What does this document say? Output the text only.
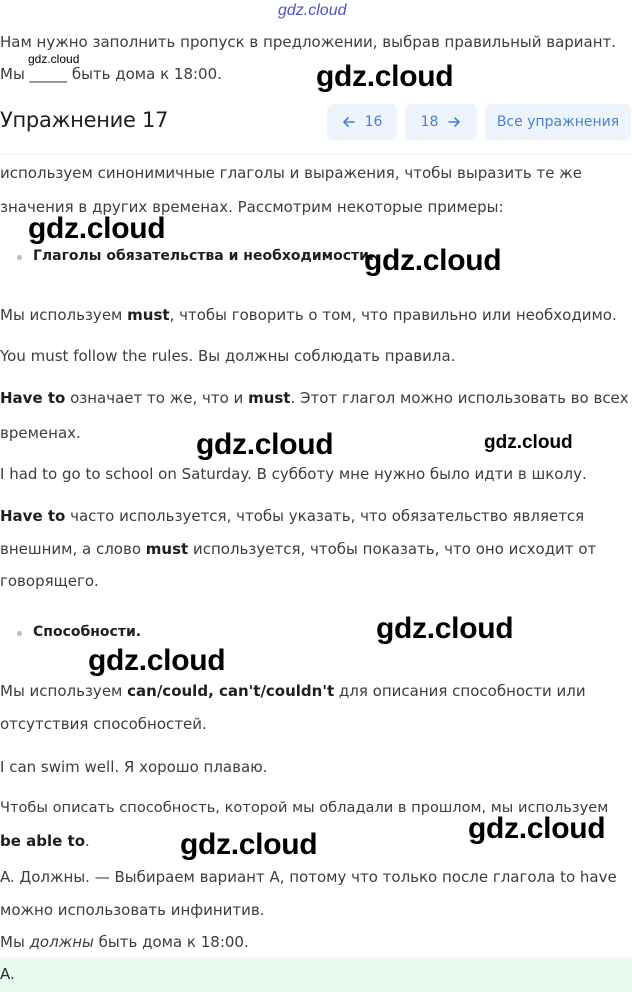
gdz.cloud

Нам нужно заполнить пропуск в предложении, выбрав правильный вариант.

gdz.cloud

Мы _____ быть дома к 18:00.	gdz.cloud
Упражнение 17	16	18	Все упражнения

используем синонимичные глаголы и выражения, чтобы выразить те же

значения в других временах. Рассмотрим некоторые примеры:

gdz.cloud

Глаголы обязательства и необходимости.

gdz.cloud

Мы используем must, чтобы говорить о том, что правильно или необходимо.

You must follow the rules. Вы должны соблюдать правила.

Have to означает то же, что и must. Этот глагол можно использовать во всех

временах.	gdz.cloud	gdz.cloud

I had to go to school on Saturday. В субботу мне нужно было идти в школу.

Have to часто используется, чтобы указать, что обязательство является

внешним, а слово must используется, чтобы показать, что оно исходит от

говорящего.

Способности.	gdz.cloud
gdz.cloud

Мы используем can/could, can't/couldn't для описания способности или

отсутствия способностей.

I can swim well. Я хорошо плаваю.

Чтобы описать способность, которой мы обладали в прошлом, мы используем

be able to.	gdz.cloud
gdz.cloud

A. Должны. — Выбираем вариант A, потому что только после глагола to have

можно использовать инфинитив.

Мы должны быть дома к 18:00.

A.
